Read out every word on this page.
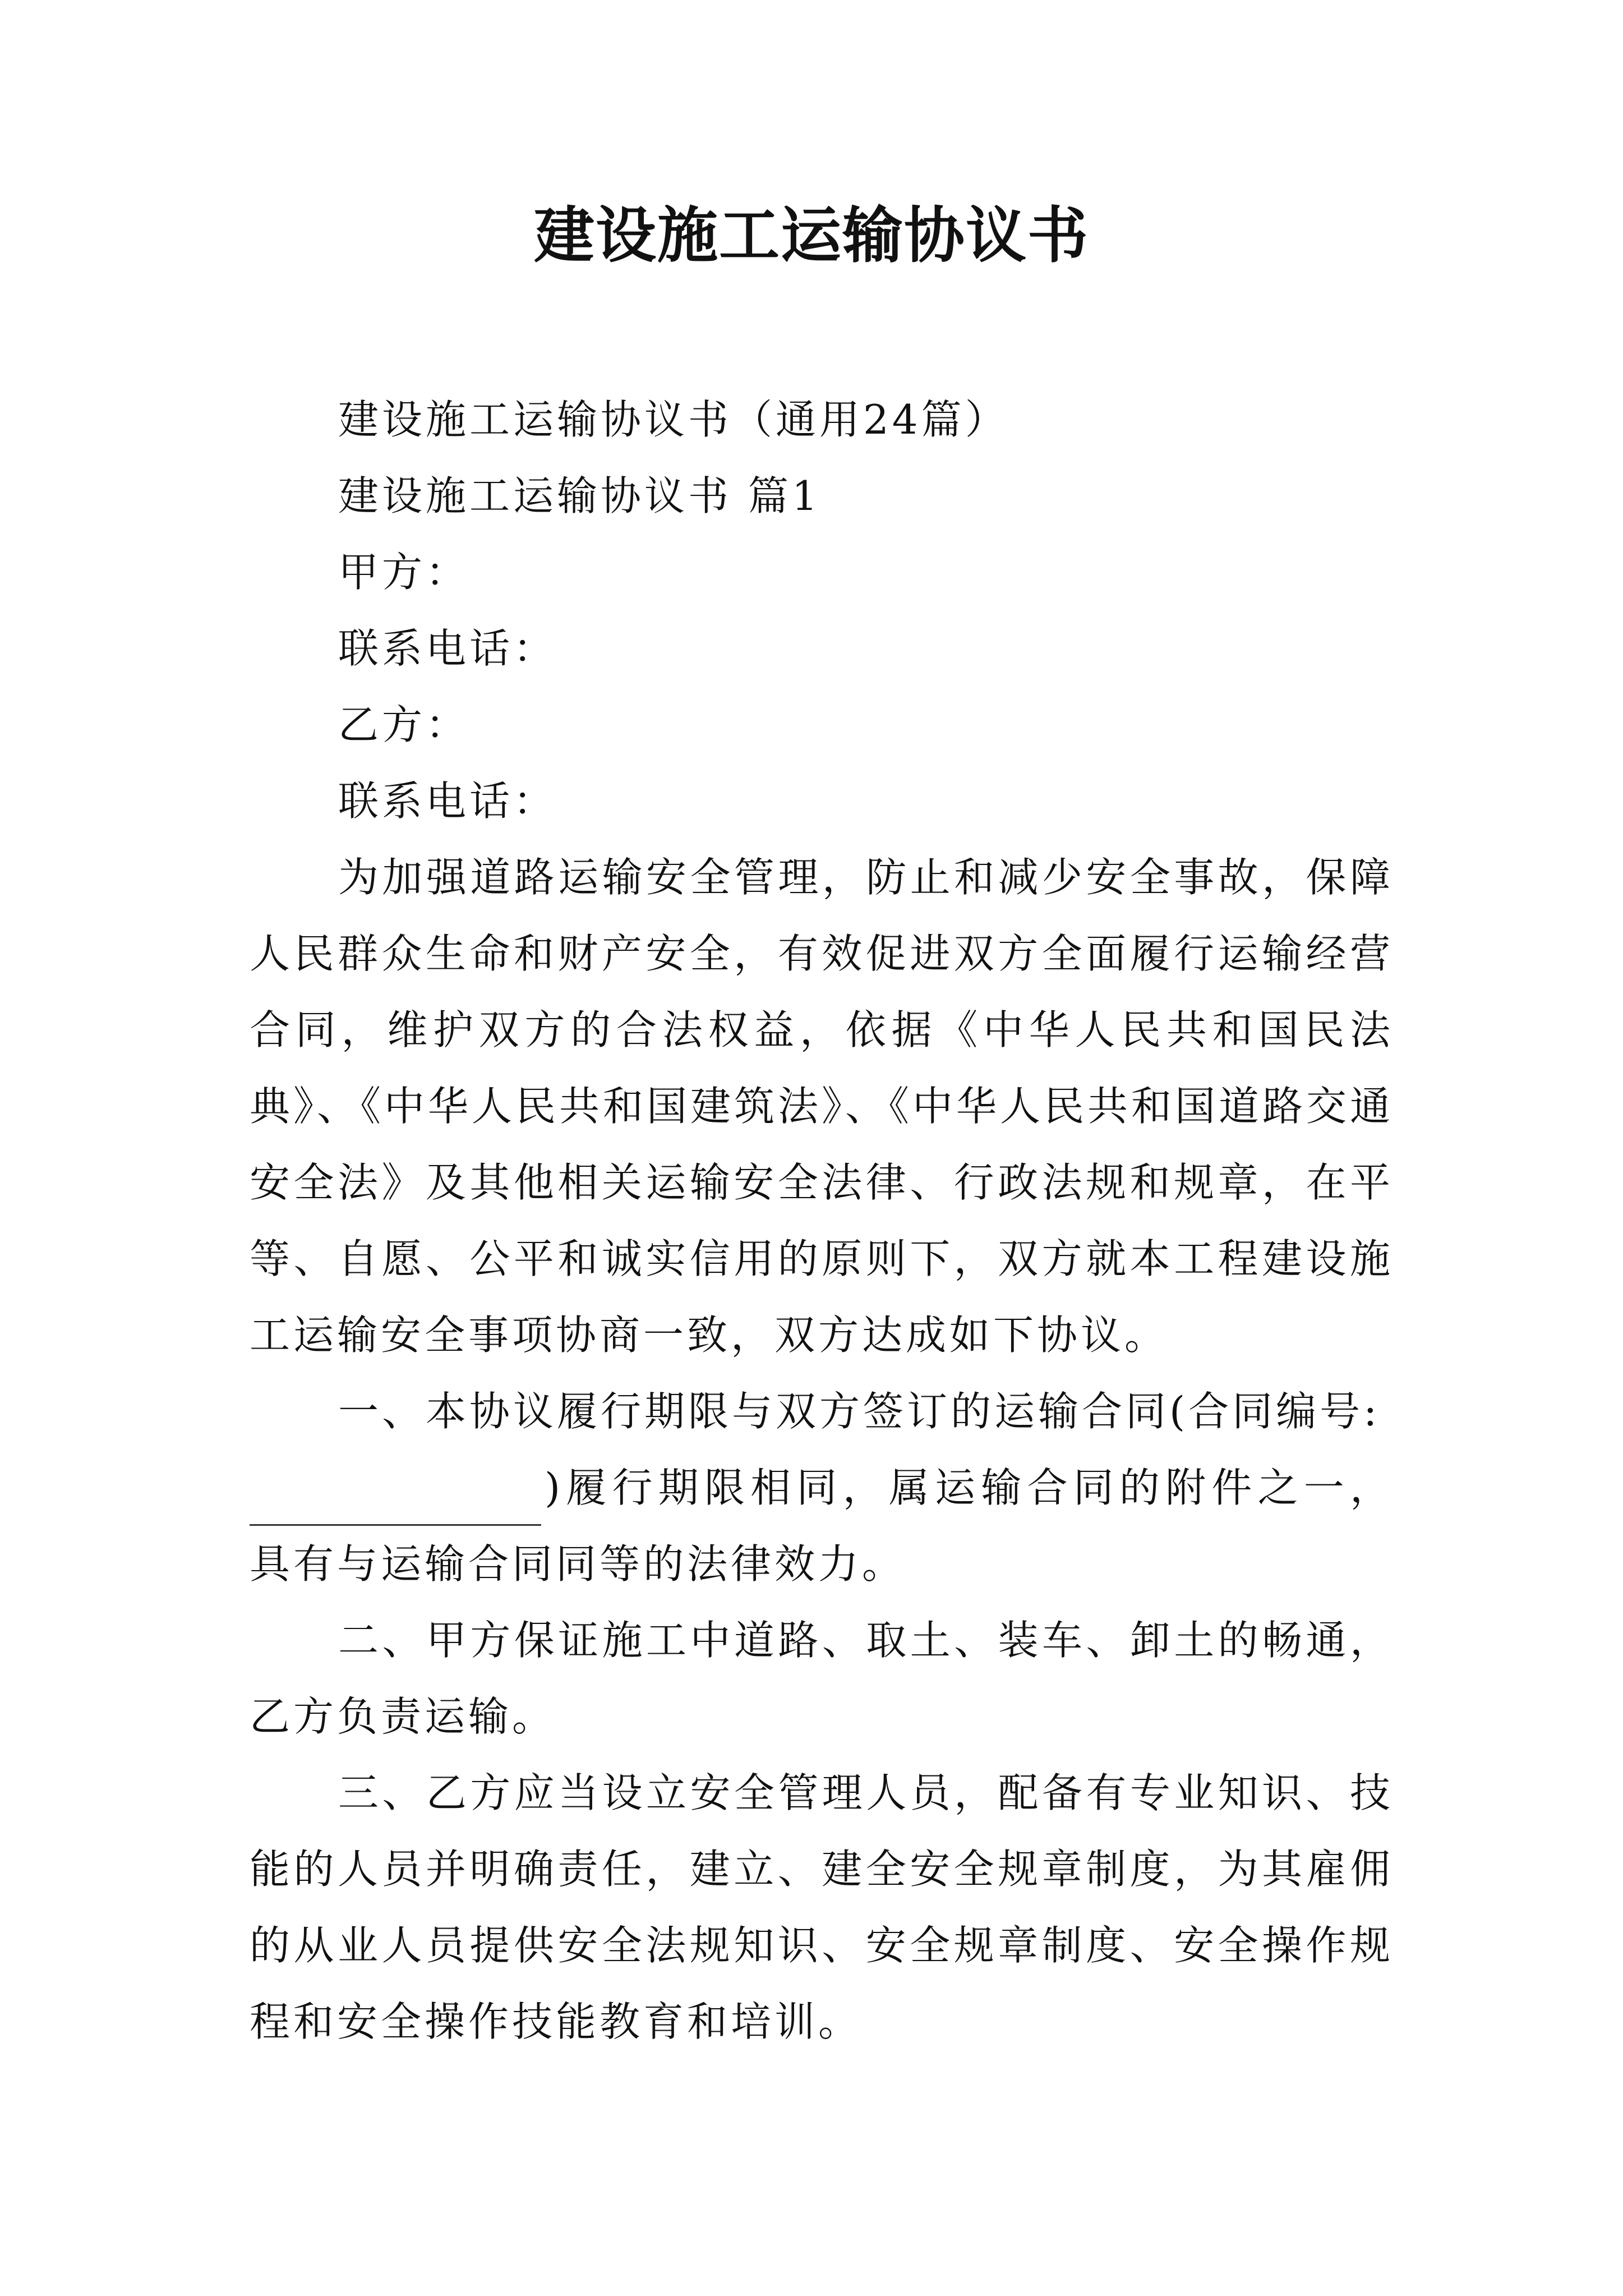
建设施工运输协议书

建设施工运输协议书（通用24篇）

建设施工运输协议书 篇1

甲方：

联系电话：

乙方：

联系电话：

为加强道路运输安全管理，防止和减少安全事故，保障人民群众生命和财产安全，有效促进双方全面履行运输经营合同，维护双方的合法权益，依据《中华人民共和国民法典》、《中华人民共和国建筑法》、《中华人民共和国道路交通安全法》及其他相关运输安全法律、行政法规和规章，在平等、自愿、公平和诚实信用的原则下，双方就本工程建设施工运输安全事项协商一致，双方达成如下协议。

一、本协议履行期限与双方签订的运输合同(合同编号:
)履行期限相同，属运输合同的附件之一，具有与运输合同同等的法律效力。

二、甲方保证施工中道路、取土、装车、卸土的畅通，乙方负责运输。

三、乙方应当设立安全管理人员，配备有专业知识、技能的人员并明确责任，建立、建全安全规章制度，为其雇佣的从业人员提供安全法规知识、安全规章制度、安全操作规程和安全操作技能教育和培训。
